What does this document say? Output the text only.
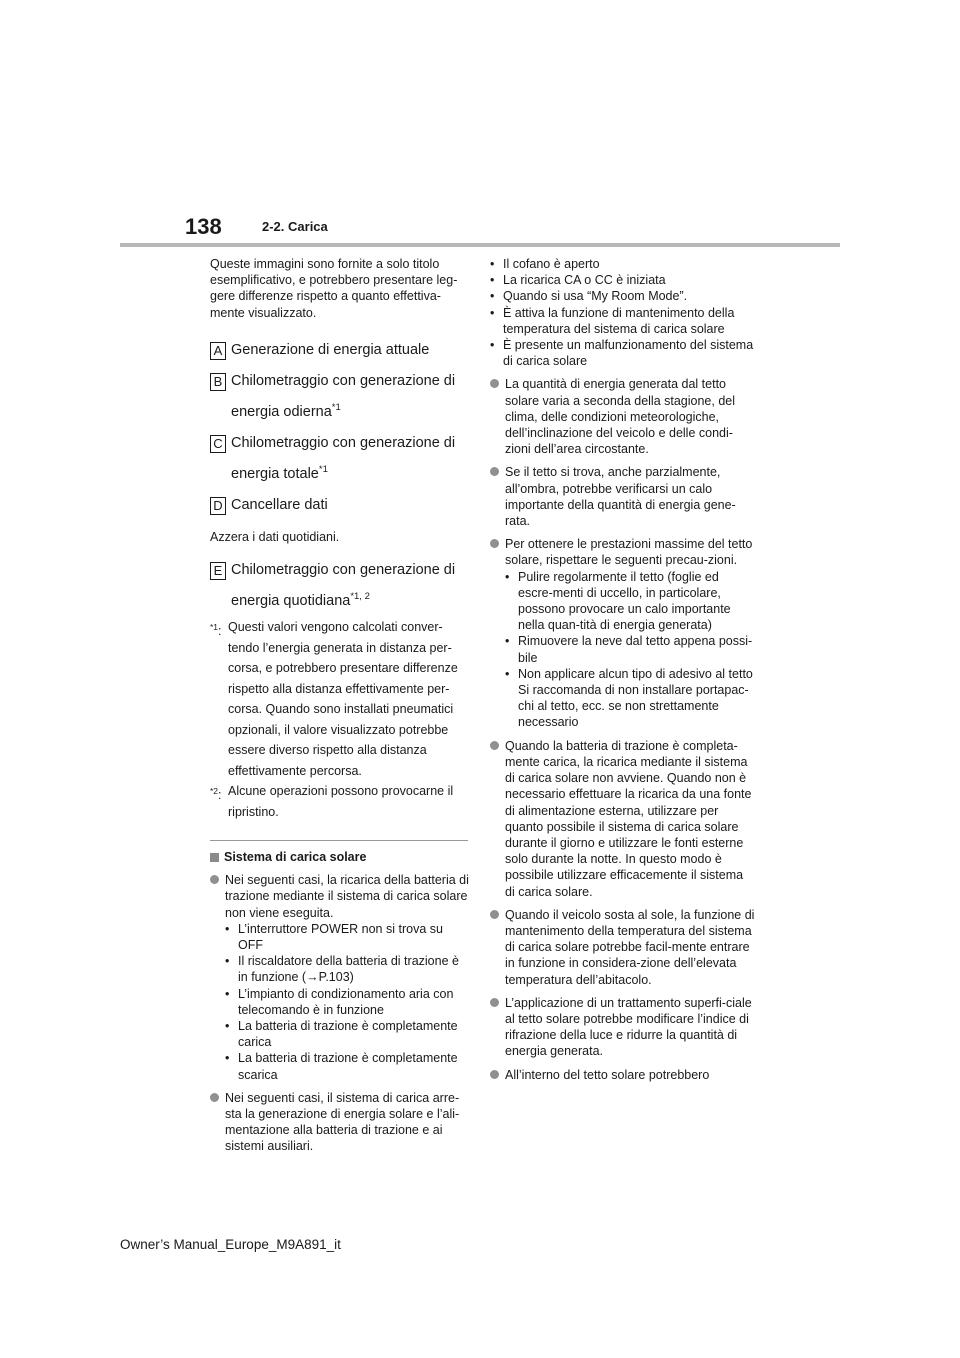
138	2-2. Carica

Queste immagini sono fornite a solo titolo esemplificativo, e potrebbero presentare leg-gere differenze rispetto a quanto effettiva-mente visualizzato.

A Generazione di energia attuale
B Chilometraggio con generazione di energia odierna$^{*1}$
C Chilometraggio con generazione di energia totale$^{*1}$
D Cancellare dati

Azzera i dati quotidiani.

E Chilometraggio con generazione di energia quotidiana$^{*1, 2}$
$^{*1}$: Questi valori vengono calcolati conver-tendo l’energia generata in distanza per-corsa, e potrebbero presentare differenze rispetto alla distanza effettivamente per-corsa. Quando sono installati pneumatici opzionali, il valore visualizzato potrebbe essere diverso rispetto alla distanza effettivamente percorsa.
$^{*2}$: Alcune operazioni possono provocarne il ripristino.
Sistema di carica solare

Nei seguenti casi, la ricarica della batteria di trazione mediante il sistema di carica solare non viene eseguita.

• L’interruttore POWER non si trova su OFF
• Il riscaldatore della batteria di trazione è in funzione (→P.103)
• L’impianto di condizionamento aria con telecomando è in funzione
• La batteria di trazione è completamente carica
• La batteria di trazione è completamente scarica

Nei seguenti casi, il sistema di carica arre-sta la generazione di energia solare e l’ali-mentazione alla batteria di trazione e ai sistemi ausiliari.

• Il cofano è aperto
• La ricarica CA o CC è iniziata
• Quando si usa “My Room Mode”.
• È attiva la funzione di mantenimento della temperatura del sistema di carica solare
• È presente un malfunzionamento del sistema di carica solare

La quantità di energia generata dal tetto solare varia a seconda della stagione, del clima, delle condizioni meteorologiche, dell’inclinazione del veicolo e delle condi-zioni dell’area circostante.

Se il tetto si trova, anche parzialmente, all’ombra, potrebbe verificarsi un calo importante della quantità di energia gene-rata.

Per ottenere le prestazioni massime del tetto solare, rispettare le seguenti precau-zioni.

• Pulire regolarmente il tetto (foglie ed escre-menti di uccello, in particolare, possono provocare un calo importante nella quan-tità di energia generata)
• Rimuovere la neve dal tetto appena possi-bile
• Non applicare alcun tipo di adesivo al tetto Si raccomanda di non installare portapac-chi al tetto, ecc. se non strettamente necessario

Quando la batteria di trazione è completa-mente carica, la ricarica mediante il sistema di carica solare non avviene. Quando non è necessario effettuare la ricarica da una fonte di alimentazione esterna, utilizzare per quanto possibile il sistema di carica solare durante il giorno e utilizzare le fonti esterne solo durante la notte. In questo modo è possibile utilizzare efficacemente il sistema di carica solare.

Quando il veicolo sosta al sole, la funzione di mantenimento della temperatura del sistema di carica solare potrebbe facil-mente entrare in funzione in considera-zione dell’elevata temperatura dell’abitacolo.

L’applicazione di un trattamento superfi-ciale al tetto solare potrebbe modificare l’indice di rifrazione della luce e ridurre la quantità di energia generata.

All’interno del tetto solare potrebbero

Owner’s Manual_Europe_M9A891_it
